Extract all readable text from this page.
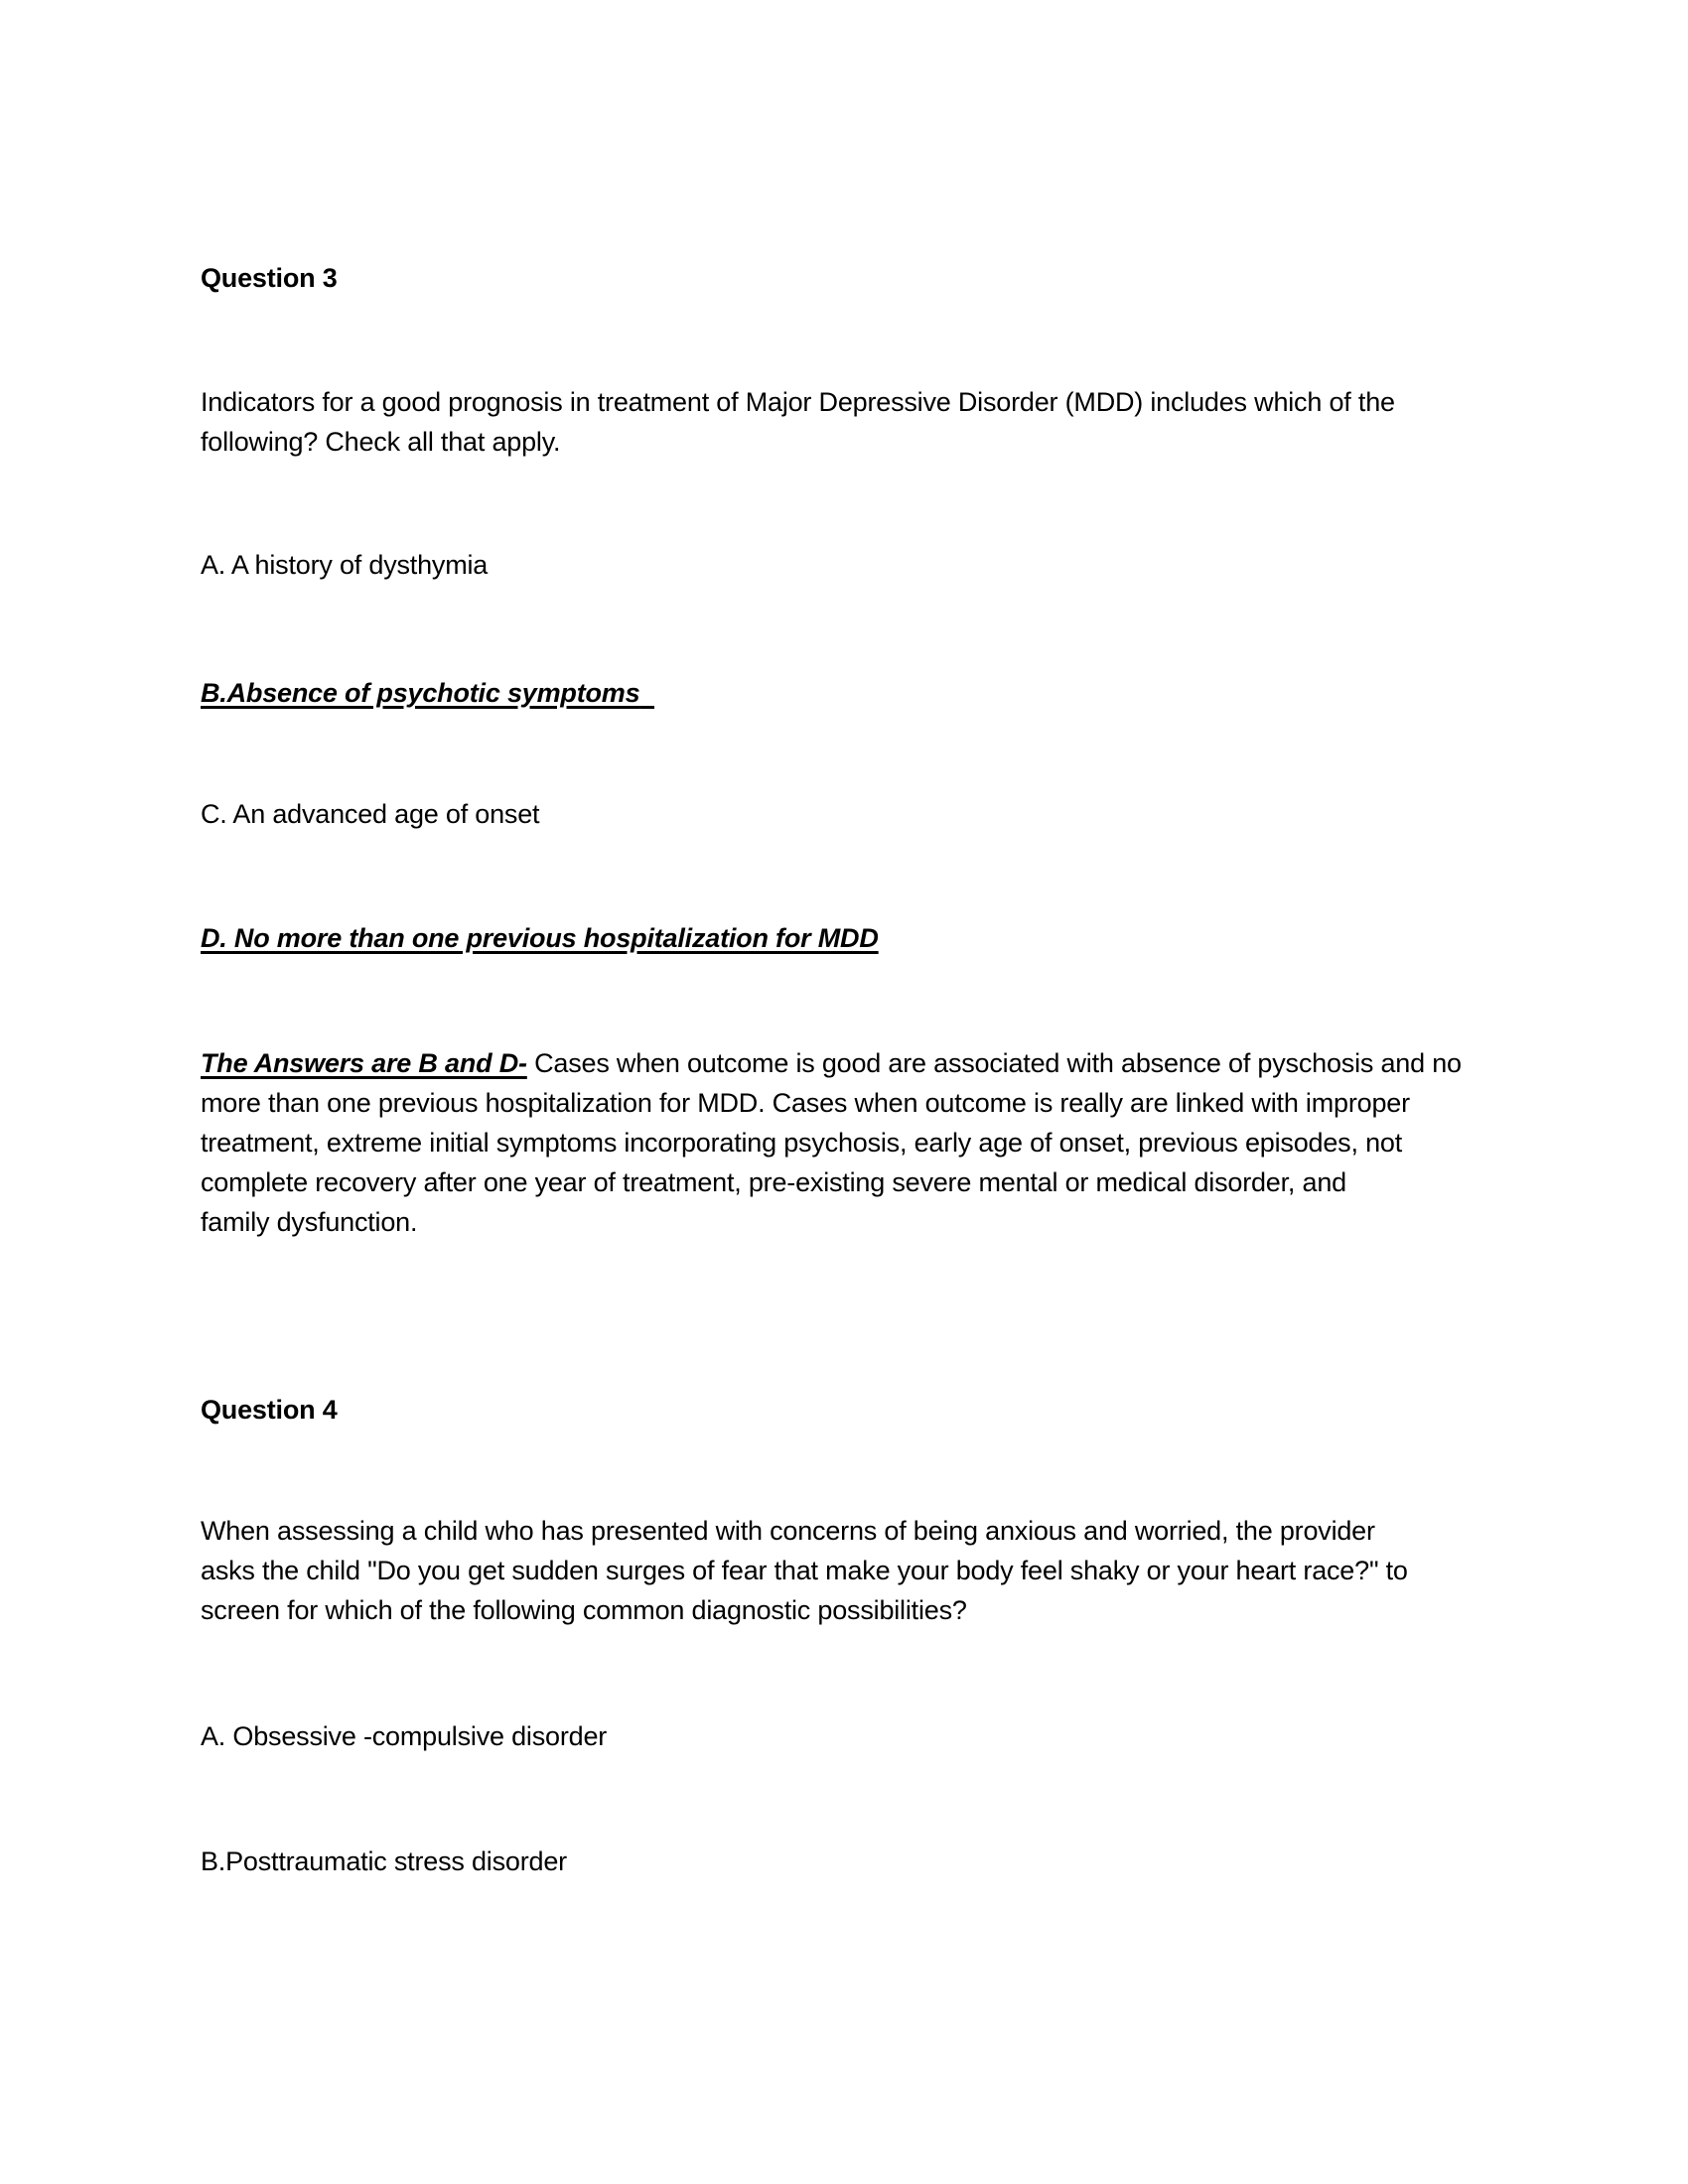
Question 3
Indicators for a good prognosis in treatment of Major Depressive Disorder (MDD) includes which of the
following? Check all that apply.
A. A history of dysthymia
B.Absence of psychotic symptoms
C. An advanced age of onset
D. No more than one previous hospitalization for MDD
The Answers are B and D- Cases when outcome is good are associated with absence of pyschosis and no
more than one previous hospitalization for MDD. Cases when outcome is really are linked with improper
treatment, extreme initial symptoms incorporating psychosis, early age of onset, previous episodes, not
complete recovery after one year of treatment, pre-existing severe mental or medical disorder, and
family dysfunction.
Question 4
When assessing a child who has presented with concerns of being anxious and worried, the provider
asks the child "Do you get sudden surges of fear that make your body feel shaky or your heart race?" to
screen for which of the following common diagnostic possibilities?
A. Obsessive -compulsive disorder
B.Posttraumatic stress disorder
